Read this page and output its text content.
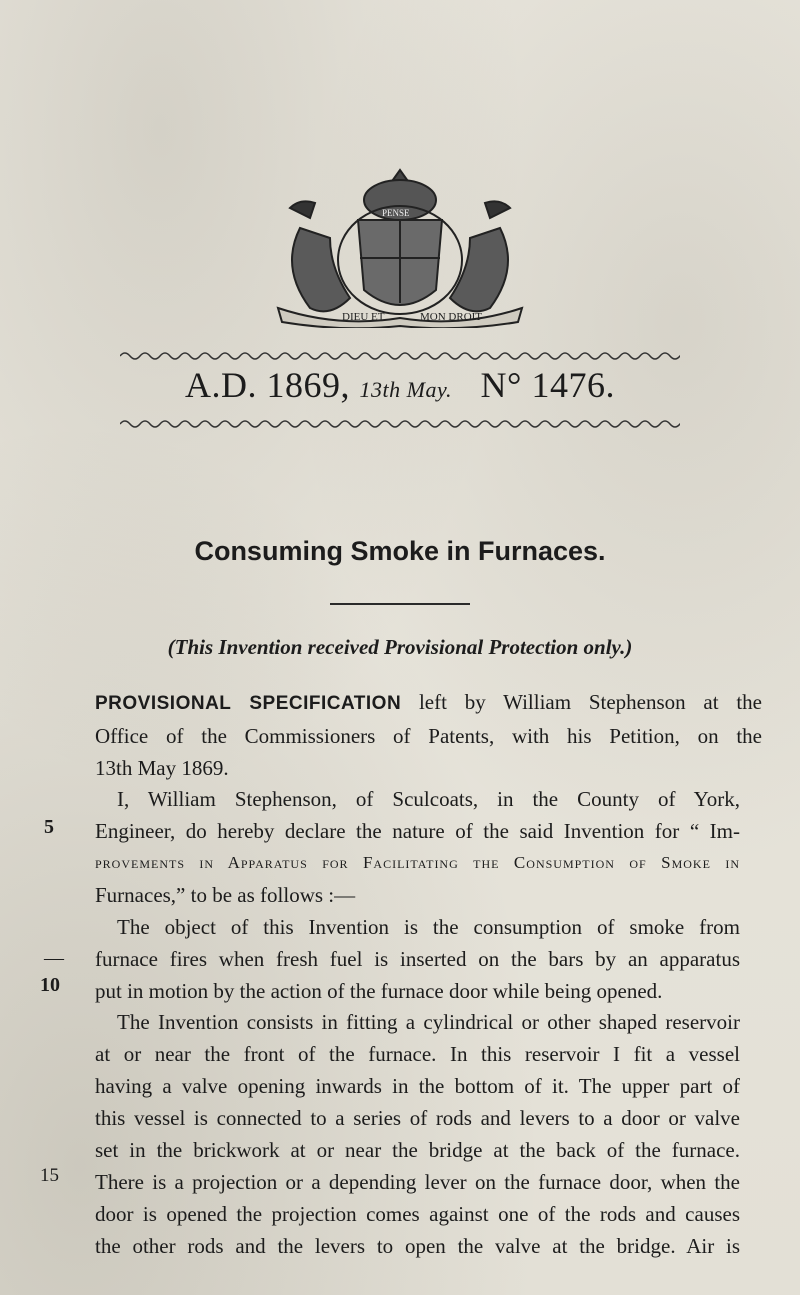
DIEU ET	MON DROIT
PENSE
A.D. 1869, 13th May. N° 1476.
Consuming Smoke in Furnaces.
(This Invention received Provisional Protection only.)
PROVISIONAL SPECIFICATION left by William Stephenson at the
Office of the Commissioners of Patents, with his Petition, on the
13th May 1869.
I, William Stephenson, of Sculcoats, in the County of York,
Engineer, do hereby declare the nature of the said Invention for “ Im-
provements in Apparatus for Facilitating the Consumption of Smoke in
Furnaces,” to be as follows :—
The object of this Invention is the consumption of smoke from
furnace fires when fresh fuel is inserted on the bars by an apparatus
put in motion by the action of the furnace door while being opened.
The Invention consists in fitting a cylindrical or other shaped reservoir
at or near the front of the furnace. In this reservoir I fit a vessel
having a valve opening inwards in the bottom of it. The upper part of
this vessel is connected to a series of rods and levers to a door or valve
set in the brickwork at or near the bridge at the back of the furnace.
There is a projection or a depending lever on the furnace door, when the
door is opened the projection comes against one of the rods and causes
the other rods and the levers to open the valve at the bridge. Air is
5
—
10
15
